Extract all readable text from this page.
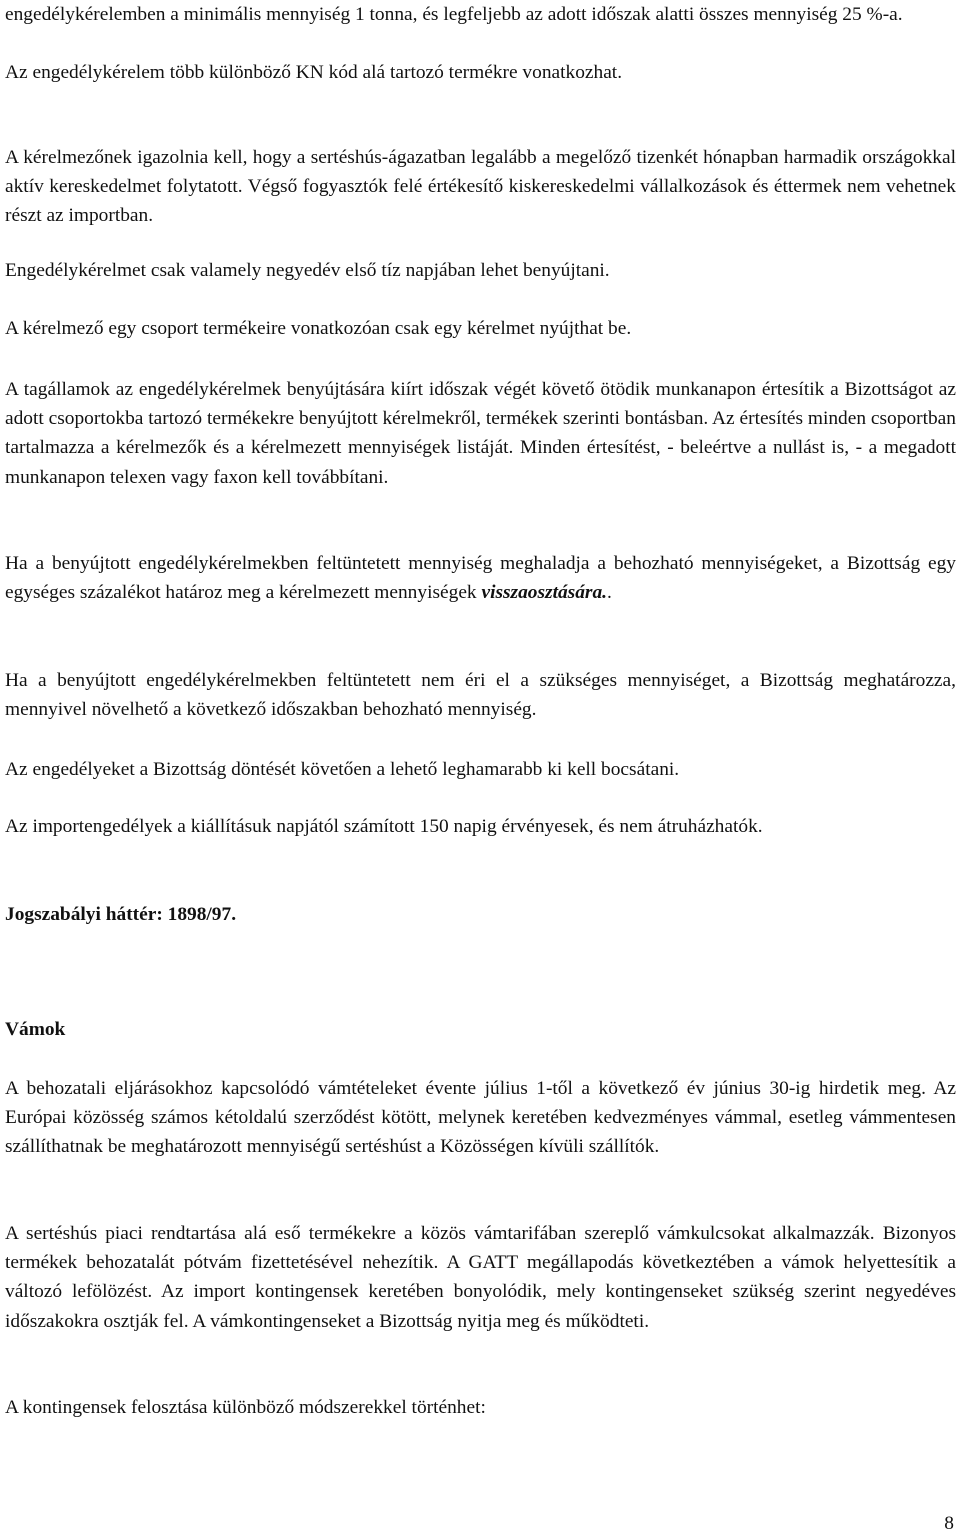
engedélykérelemben a minimális mennyiség 1 tonna, és legfeljebb az adott időszak alatti összes mennyiség 25 %-a.

Az engedélykérelem több különböző KN kód alá tartozó termékre vonatkozhat.

A kérelmezőnek igazolnia kell, hogy a sertéshús-ágazatban legalább a megelőző tizenkét hónapban harmadik országokkal aktív kereskedelmet folytatott. Végső fogyasztók felé értékesítő kiskereskedelmi vállalkozások és éttermek nem vehetnek részt az importban.

Engedélykérelmet csak valamely negyedév első tíz napjában lehet benyújtani.

A kérelmező egy csoport termékeire vonatkozóan csak egy kérelmet nyújthat be.

A tagállamok az engedélykérelmek benyújtására kiírt időszak végét követő ötödik munkanapon értesítik a Bizottságot az adott csoportokba tartozó termékekre benyújtott kérelmekről, termékek szerinti bontásban. Az értesítés minden csoportban tartalmazza a kérelmezők és a kérelmezett mennyiségek listáját. Minden értesítést, - beleértve a nullást is, - a megadott munkanapon telexen vagy faxon kell továbbítani.

Ha a benyújtott engedélykérelmekben feltüntetett mennyiség meghaladja a behozható mennyiségeket, a Bizottság egy egységes százalékot határoz meg a kérelmezett mennyiségek visszaosztására..

Ha a benyújtott engedélykérelmekben feltüntetett nem éri el a szükséges mennyiséget, a Bizottság meghatározza, mennyivel növelhető a következő időszakban behozható mennyiség.

Az engedélyeket a Bizottság döntését követően a lehető leghamarabb ki kell bocsátani.

Az importengedélyek a kiállításuk napjától számított 150 napig érvényesek, és nem átruházhatók.

Jogszabályi háttér: 1898/97.

Vámok

A behozatali eljárásokhoz kapcsolódó vámtételeket évente július 1-től a következő év június 30-ig hirdetik meg. Az Európai közösség számos kétoldalú szerződést kötött, melynek keretében kedvezményes vámmal, esetleg vámmentesen szállíthatnak be meghatározott mennyiségű sertéshúst a Közösségen kívüli szállítók.

A sertéshús piaci rendtartása alá eső termékekre a közös vámtarifában szereplő vámkulcsokat alkalmazzák. Bizonyos termékek behozatalát pótvám fizettetésével nehezítik. A GATT megállapodás következtében a vámok helyettesítik a változó lefölözést. Az import kontingensek keretében bonyolódik, mely kontingenseket szükség szerint negyedéves időszakokra osztják fel. A vámkontingenseket a Bizottság nyitja meg és működteti.

A kontingensek felosztása különböző módszerekkel történhet:

8
